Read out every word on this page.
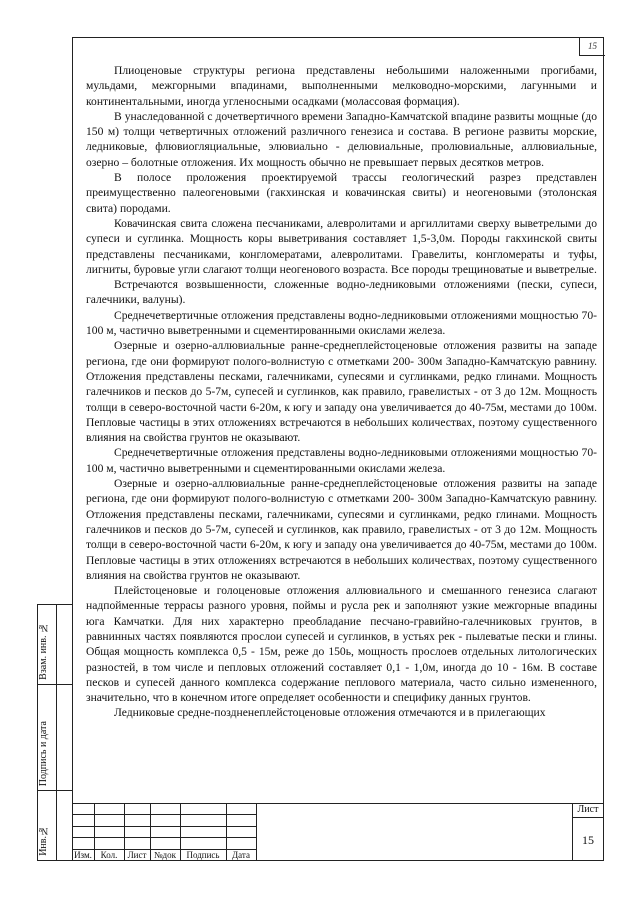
15

Плиоценовые структуры региона представлены небольшими наложенными прогибами, мульдами, межгорными впадинами, выполненными мелководно-морскими, лагунными и континентальными, иногда угленосными осадками (молассовая формация).

В унаследованной с дочетвертичного времени Западно-Камчатской впадине развиты мощные (до 150 м) толщи четвертичных отложений различного генезиса и состава. В регионе развиты морские, ледниковые, флювиогляциальные, элювиально - делювиальные, пролювиальные, аллювиальные, озерно – болотные отложения. Их мощность обычно не превышает первых десятков метров.

В полосе проложения проектируемой трассы геологический разрез представлен преимущественно палеогеновыми (гакхинская и ковачинская свиты) и неогеновыми (этолонская свита) породами.

Ковачинская свита сложена песчаниками, алевролитами и аргиллитами сверху выветрелыми до супеси и суглинка. Мощность коры выветривания составляет 1,5-3,0м. Породы гакхинской свиты представлены песчаниками, конгломератами, алевролитами. Гравелиты, конгломераты и туфы, лигниты, буровые угли слагают толщи неогенового возраста. Все породы трещиноватые и выветрелые.

Встречаются возвышенности, сложенные водно-ледниковыми отложениями (пески, супеси, галечники, валуны).

Среднечетвертичные отложения представлены водно-ледниковыми отложениями мощностью 70-100 м, частично выветренными и сцементированными окислами железа.

Озерные и озерно-аллювиальные ранне-среднеплейстоценовые отложения развиты на западе региона, где они формируют полого-волнистую с отметками 200- 300м Западно-Камчатскую равнину. Отложения представлены песками, галечниками, супесями и суглинками, редко глинами. Мощность галечников и песков до 5-7м, супесей и суглинков, как правило, гравелистых - от 3 до 12м. Мощность толщи в северо-восточной части 6-20м, к югу и западу она увеличивается до 40-75м, местами до 100м. Пепловые частицы в этих отложениях встречаются в небольших количествах, поэтому существенного влияния на свойства грунтов не оказывают.

Среднечетвертичные отложения представлены водно-ледниковыми отложениями мощностью 70-100 м, частично выветренными и сцементированными окислами железа.

Озерные и озерно-аллювиальные ранне-среднеплейстоценовые отложения развиты на западе региона, где они формируют полого-волнистую с отметками 200- 300м Западно-Камчатскую равнину. Отложения представлены песками, галечниками, супесями и суглинками, редко глинами. Мощность галечников и песков до 5-7м, супесей и суглинков, как правило, гравелистых - от 3 до 12м. Мощность толщи в северо-восточной части 6-20м, к югу и западу она увеличивается до 40-75м, местами до 100м. Пепловые частицы в этих отложениях встречаются в небольших количествах, поэтому существенного влияния на свойства грунтов не оказывают.

Плейстоценовые и голоценовые отложения аллювиального и смешанного генезиса слагают надпойменные террасы разного уровня, поймы и русла рек и заполняют узкие межгорные впадины юга Камчатки. Для них характерно преобладание песчано-гравийно-галечниковых грунтов, в равнинных частях появляются прослои супесей и суглинков, в устьях рек - пылеватые пески и глины. Общая мощность комплекса 0,5 - 15м, реже до 150ь, мощность прослоев отдельных литологических разностей, в том числе и пепловых отложений составляет 0,1 - 1,0м, иногда до 10 - 16м. В составе песков и супесей данного комплекса содержание пеплового материала, часто сильно измененного, значительно, что в конечном итоге определяет особенности и специфику данных грунтов.

Ледниковые средне-поздненеплейстоценовые отложения отмечаются и в прилегающих

Взам. инв. №
Подпись и дата
Инв.№	Изм. Кол.	Лист №док	Подпись	Дата
Лист
15
